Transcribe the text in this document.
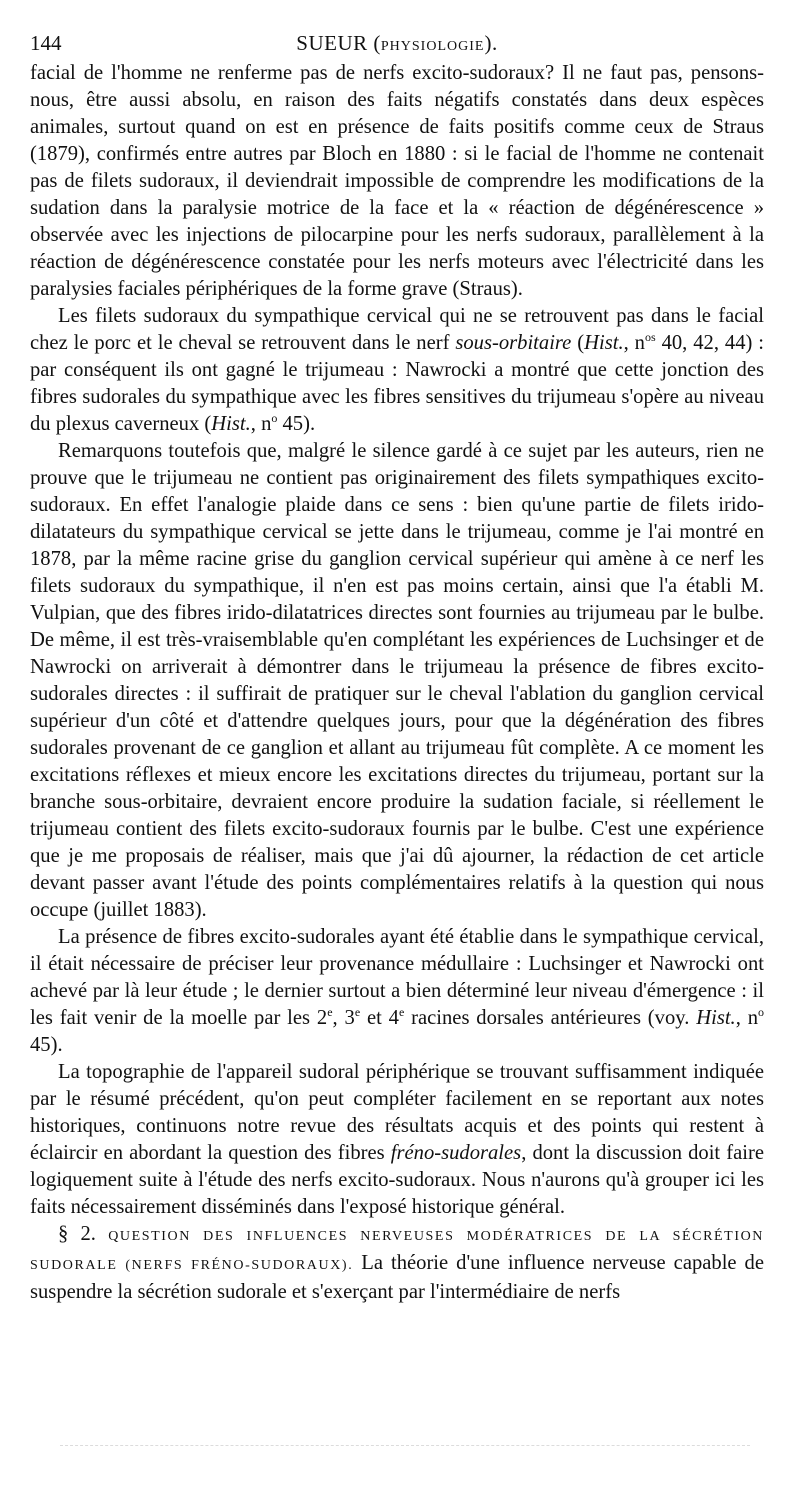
144	SUEUR (PHYSIOLOGIE).

facial de l'homme ne renferme pas de nerfs excito-sudoraux? Il ne faut pas, pensons-nous, être aussi absolu, en raison des faits négatifs constatés dans deux espèces animales, surtout quand on est en présence de faits positifs comme ceux de Straus (1879), confirmés entre autres par Bloch en 1880 : si le facial de l'homme ne contenait pas de filets sudoraux, il deviendrait impossible de comprendre les modifications de la sudation dans la paralysie motrice de la face et la « réaction de dégénérescence » observée avec les injections de pilocarpine pour les nerfs sudoraux, parallèlement à la réaction de dégénérescence constatée pour les nerfs moteurs avec l'électricité dans les paralysies faciales périphériques de la forme grave (Straus).

Les filets sudoraux du sympathique cervical qui ne se retrouvent pas dans le facial chez le porc et le cheval se retrouvent dans le nerf sous-orbitaire (Hist., $n^{os}$ 40, 42, 44) : par conséquent ils ont gagné le trijumeau : Nawrocki a montré que cette jonction des fibres sudorales du sympathique avec les fibres sensitives du trijumeau s'opère au niveau du plexus caverneux (Hist., $n^o$ 45).

Remarquons toutefois que, malgré le silence gardé à ce sujet par les auteurs, rien ne prouve que le trijumeau ne contient pas originairement des filets sympathiques excito-sudoraux. En effet l'analogie plaide dans ce sens : bien qu'une partie de filets irido-dilatateurs du sympathique cervical se jette dans le trijumeau, comme je l'ai montré en 1878, par la même racine grise du ganglion cervical supérieur qui amène à ce nerf les filets sudoraux du sympathique, il n'en est pas moins certain, ainsi que l'a établi M. Vulpian, que des fibres irido-dilatatrices directes sont fournies au trijumeau par le bulbe. De même, il est très-vraisemblable qu'en complétant les expériences de Luchsinger et de Nawrocki on arriverait à démontrer dans le trijumeau la présence de fibres excito-sudorales directes : il suffirait de pratiquer sur le cheval l'ablation du ganglion cervical supérieur d'un côté et d'attendre quelques jours, pour que la dégénération des fibres sudorales provenant de ce ganglion et allant au trijumeau fût complète. A ce moment les excitations réflexes et mieux encore les excitations directes du trijumeau, portant sur la branche sous-orbitaire, devraient encore produire la sudation faciale, si réellement le trijumeau contient des filets excito-sudoraux fournis par le bulbe. C'est une expérience que je me proposais de réaliser, mais que j'ai dû ajourner, la rédaction de cet article devant passer avant l'étude des points complémentaires relatifs à la question qui nous occupe (juillet 1883).

La présence de fibres excito-sudorales ayant été établie dans le sympathique cervical, il était nécessaire de préciser leur provenance médullaire : Luchsinger et Nawrocki ont achevé par là leur étude ; le dernier surtout a bien déterminé leur niveau d'émergence : il les fait venir de la moelle par les 2e, 3e et 4e racines dorsales antérieures (voy. Hist., $n^o$ 45).

La topographie de l'appareil sudoral périphérique se trouvant suffisamment indiquée par le résumé précédent, qu'on peut compléter facilement en se reportant aux notes historiques, continuons notre revue des résultats acquis et des points qui restent à éclaircir en abordant la question des fibres fréno-sudorales, dont la discussion doit faire logiquement suite à l'étude des nerfs excito-sudoraux. Nous n'aurons qu'à grouper ici les faits nécessairement disséminés dans l'exposé historique général.

§ 2. QUESTION DES INFLUENCES NERVEUSES MODÉRATRICES DE LA SÉCRÉTION SUDORALE (NERFS FRÉNO-SUDORAUX). La théorie d'une influence nerveuse capable de suspendre la sécrétion sudorale et s'exerçant par l'intermédiaire de nerfs
